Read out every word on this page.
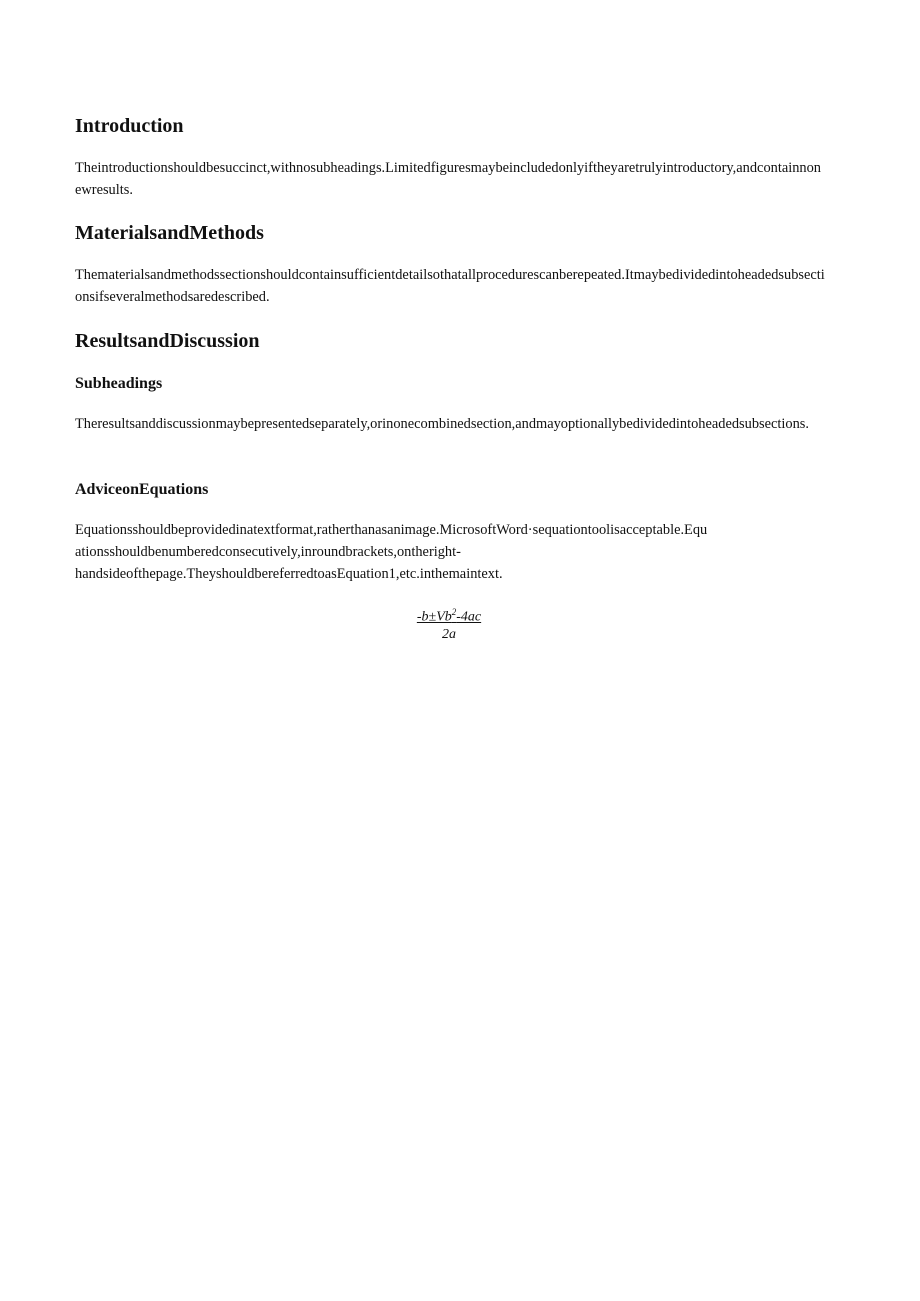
Introduction

Theintroductionshouldbesuccinct,withnosubheadings.Limitedfiguresmaybeincludedonlyiftheyaretrulyintroductory,andcontainnonewresults.

MaterialsandMethods

Thematerialsandmethodssectionshouldcontainsufficientdetailsothatallprocedurescanberepeated.Itmaybedividedintoheadedsubsectionsifseveralmethodsaredescribed.

ResultsandDiscussion
Subheadings

Theresultsanddiscussionmaybepresentedseparately,orinonecombinedsection,andmayoptionallybedividedintoheadedsubsections.

AdviceonEquations

Equationsshouldbeprovidedinatextformat,ratherthanasanimage.MicrosoftWord·sequationtoolisacceptable.Equ
ationsshouldbenumberedconsecutively,inroundbrackets,ontheright-
handsideofthepage.TheyshouldbereferredtoasEquation1,etc.inthemaintext.

$\frac{-b\pm Vb^2-4ac}{2a}$
